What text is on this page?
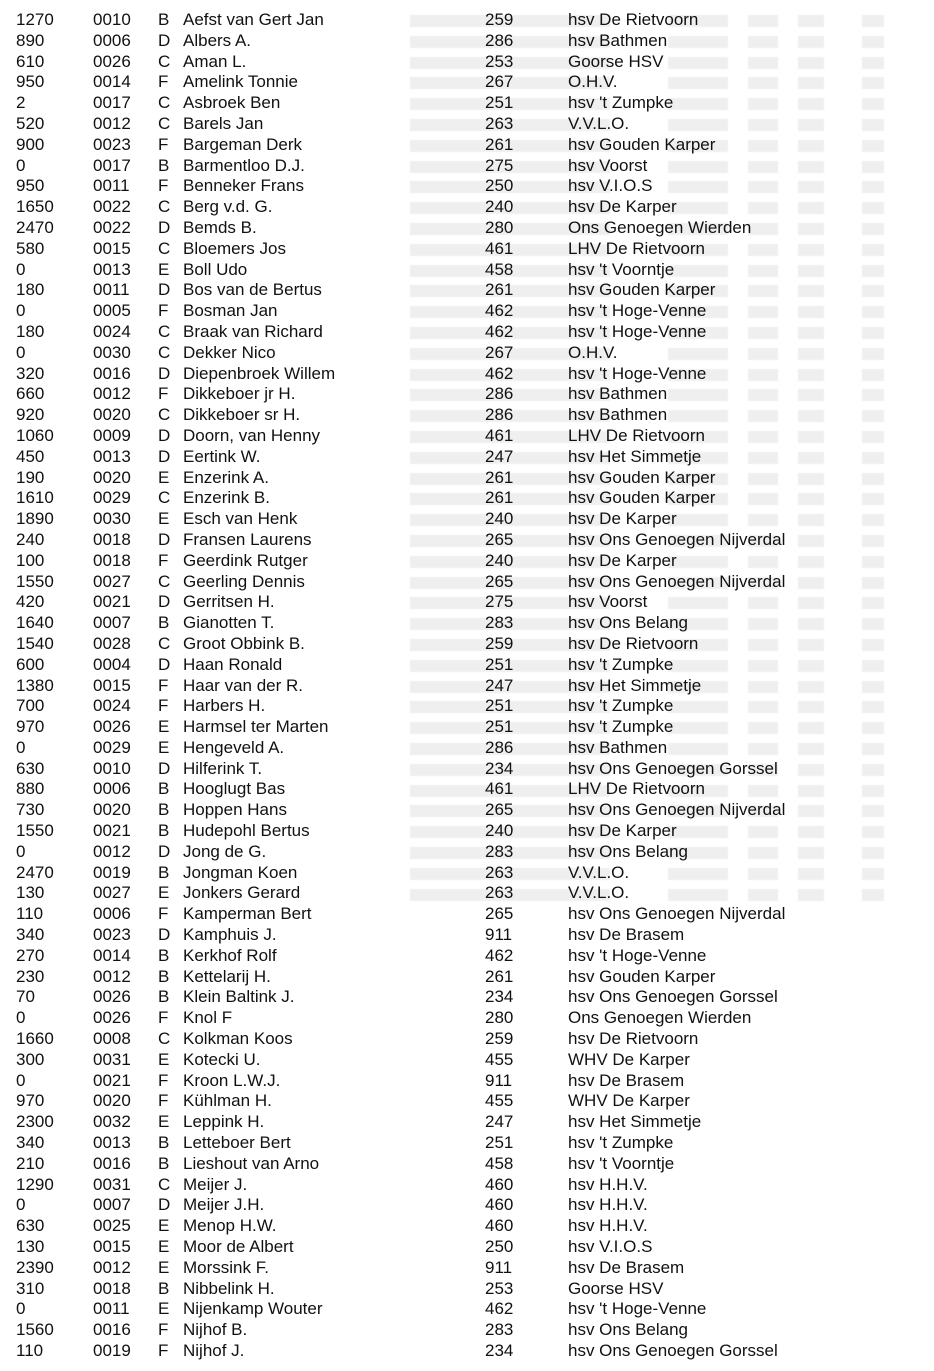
1270 0010 B Aefst van Gert Jan	259	hsv De Rietvoorn
890	0006 D Albers A.	286	hsv Bathmen
610	0026 C Aman L.	253	Goorse HSV
950	0014 F Amelink Tonnie	267	O.H.V.
2	0017 C Asbroek Ben	251	hsv 't Zumpke
520	0012 C Barels Jan	263	V.V.L.O.
900	0023 F Bargeman Derk	261	hsv Gouden Karper
0	0017 B Barmentloo D.J.	275	hsv Voorst
950	0011 F Benneker Frans	250	hsv V.I.O.S
1650 0022 C Berg v.d. G.	240	hsv De Karper
2470 0022 D Bemds B.	280	Ons Genoegen Wierden
580	0015 C Bloemers Jos	461	LHV De Rietvoorn
0	0013 E Boll Udo	458	hsv 't Voorntje
180	0011 D Bos van de Bertus	261	hsv Gouden Karper
0	0005 F Bosman Jan	462	hsv 't Hoge-Venne
180	0024 C Braak van Richard	462	hsv 't Hoge-Venne
0	0030 C Dekker Nico	267	O.H.V.
320	0016 D Diepenbroek Willem	462	hsv 't Hoge-Venne
660	0012 F Dikkeboer jr H.	286	hsv Bathmen
920	0020 C Dikkeboer sr H.	286	hsv Bathmen
1060 0009 D Doorn, van Henny	461	LHV De Rietvoorn
450	0013 D Eertink W.	247	hsv Het Simmetje
190	0020 E Enzerink A.	261	hsv Gouden Karper
1610 0029 C Enzerink B.	261	hsv Gouden Karper
1890 0030 E Esch van Henk	240	hsv De Karper
240	0018 D Fransen Laurens	265	hsv Ons Genoegen Nijverdal
100	0018 F Geerdink Rutger	240	hsv De Karper
1550 0027 C Geerling Dennis	265	hsv Ons Genoegen Nijverdal
420	0021 D Gerritsen H.	275	hsv Voorst
1640 0007 B Gianotten T.	283	hsv Ons Belang
1540 0028 C Groot Obbink B.	259	hsv De Rietvoorn
600	0004 D Haan Ronald	251	hsv 't Zumpke
1380 0015 F Haar van der R.	247	hsv Het Simmetje
700	0024 F Harbers H.	251	hsv 't Zumpke
970	0026 E Harmsel ter Marten	251	hsv 't Zumpke
0	0029 E Hengeveld A.	286	hsv Bathmen
630	0010 D Hilferink T.	234	hsv Ons Genoegen Gorssel
880	0006 B Hooglugt Bas	461	LHV De Rietvoorn
730	0020 B Hoppen Hans	265	hsv Ons Genoegen Nijverdal
1550 0021 B Hudepohl Bertus	240	hsv De Karper
0	0012 D Jong de G.	283	hsv Ons Belang
2470 0019 B Jongman Koen	263	V.V.L.O.
130	0027 E Jonkers Gerard	263	V.V.L.O.
110	0006 F Kamperman Bert	265	hsv Ons Genoegen Nijverdal
340	0023 D Kamphuis J.	911	hsv De Brasem
270	0014 B Kerkhof Rolf	462	hsv 't Hoge-Venne
230	0012 B Kettelarij H.	261	hsv Gouden Karper
70	0026 B Klein Baltink J.	234	hsv Ons Genoegen Gorssel
0	0026 F Knol F	280	Ons Genoegen Wierden
1660 0008 C Kolkman Koos	259	hsv De Rietvoorn
300	0031 E Kotecki U.	455	WHV De Karper
0	0021 F Kroon L.W.J.	911	hsv De Brasem
970	0020 F Kühlman H.	455	WHV De Karper
2300 0032 E Leppink H.	247	hsv Het Simmetje
340	0013 B Letteboer Bert	251	hsv 't Zumpke
210	0016 B Lieshout van Arno	458	hsv 't Voorntje
1290 0031 C Meijer J.	460	hsv H.H.V.
0	0007 D Meijer J.H.	460	hsv H.H.V.
630	0025 E Menop H.W.	460	hsv H.H.V.
130	0015 E Moor de Albert	250	hsv V.I.O.S
2390 0012 E Morssink F.	911	hsv De Brasem
310	0018 B Nibbelink H.	253	Goorse HSV
0	0011 E Nijenkamp Wouter	462	hsv 't Hoge-Venne
1560 0016 F Nijhof B.	283	hsv Ons Belang
110	0019 F Nijhof J.	234	hsv Ons Genoegen Gorssel
